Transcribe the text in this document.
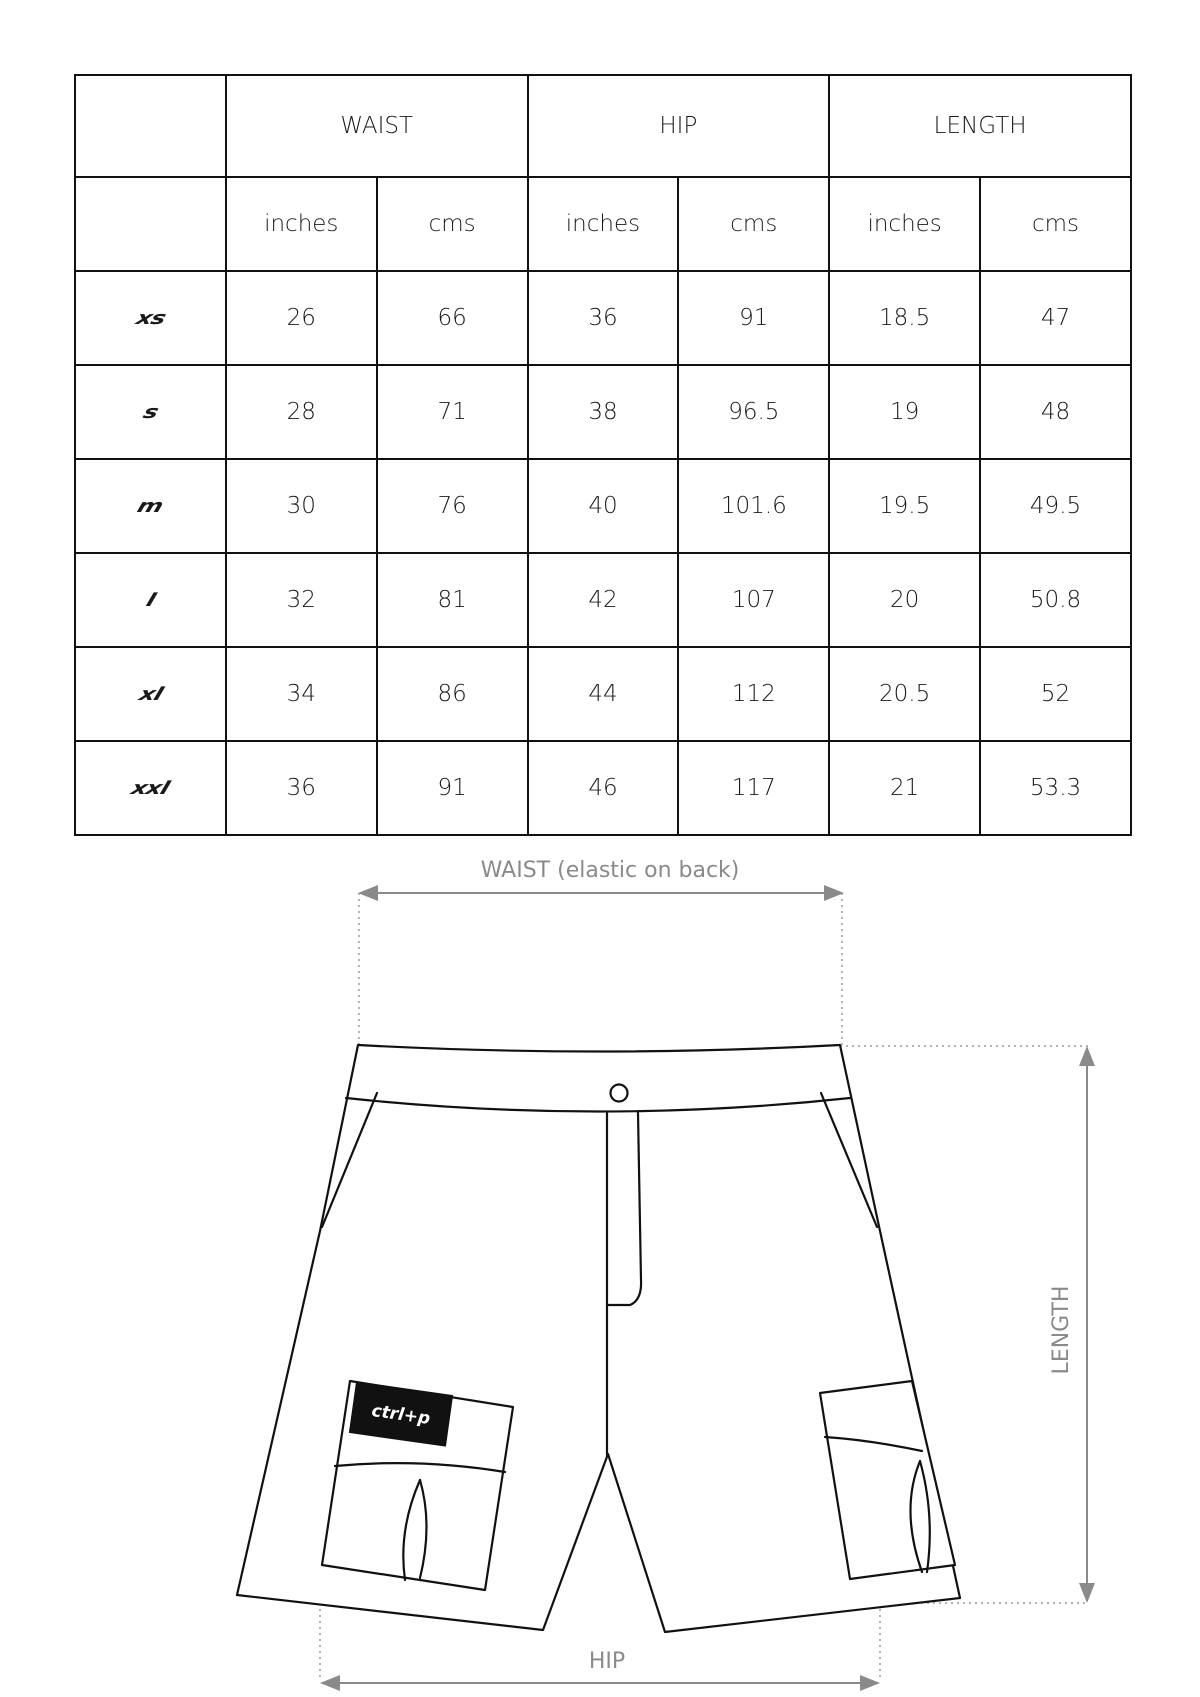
	WAIST		HIP		LENGTH	
	inches	cms	inches	cms	inches	cms
xs	26	66	36	91	18.5	47
s	28	71	38	96.5	19	48
m	30	76	40	101.6	19.5	49.5
l	32	81	42	107	20	50.8
xl	34	86	44	112	20.5	52
xxl	36	91	46	117	21	53.3
WAIST (elastic on back)
LENGTH
HIP
ctrl+p
